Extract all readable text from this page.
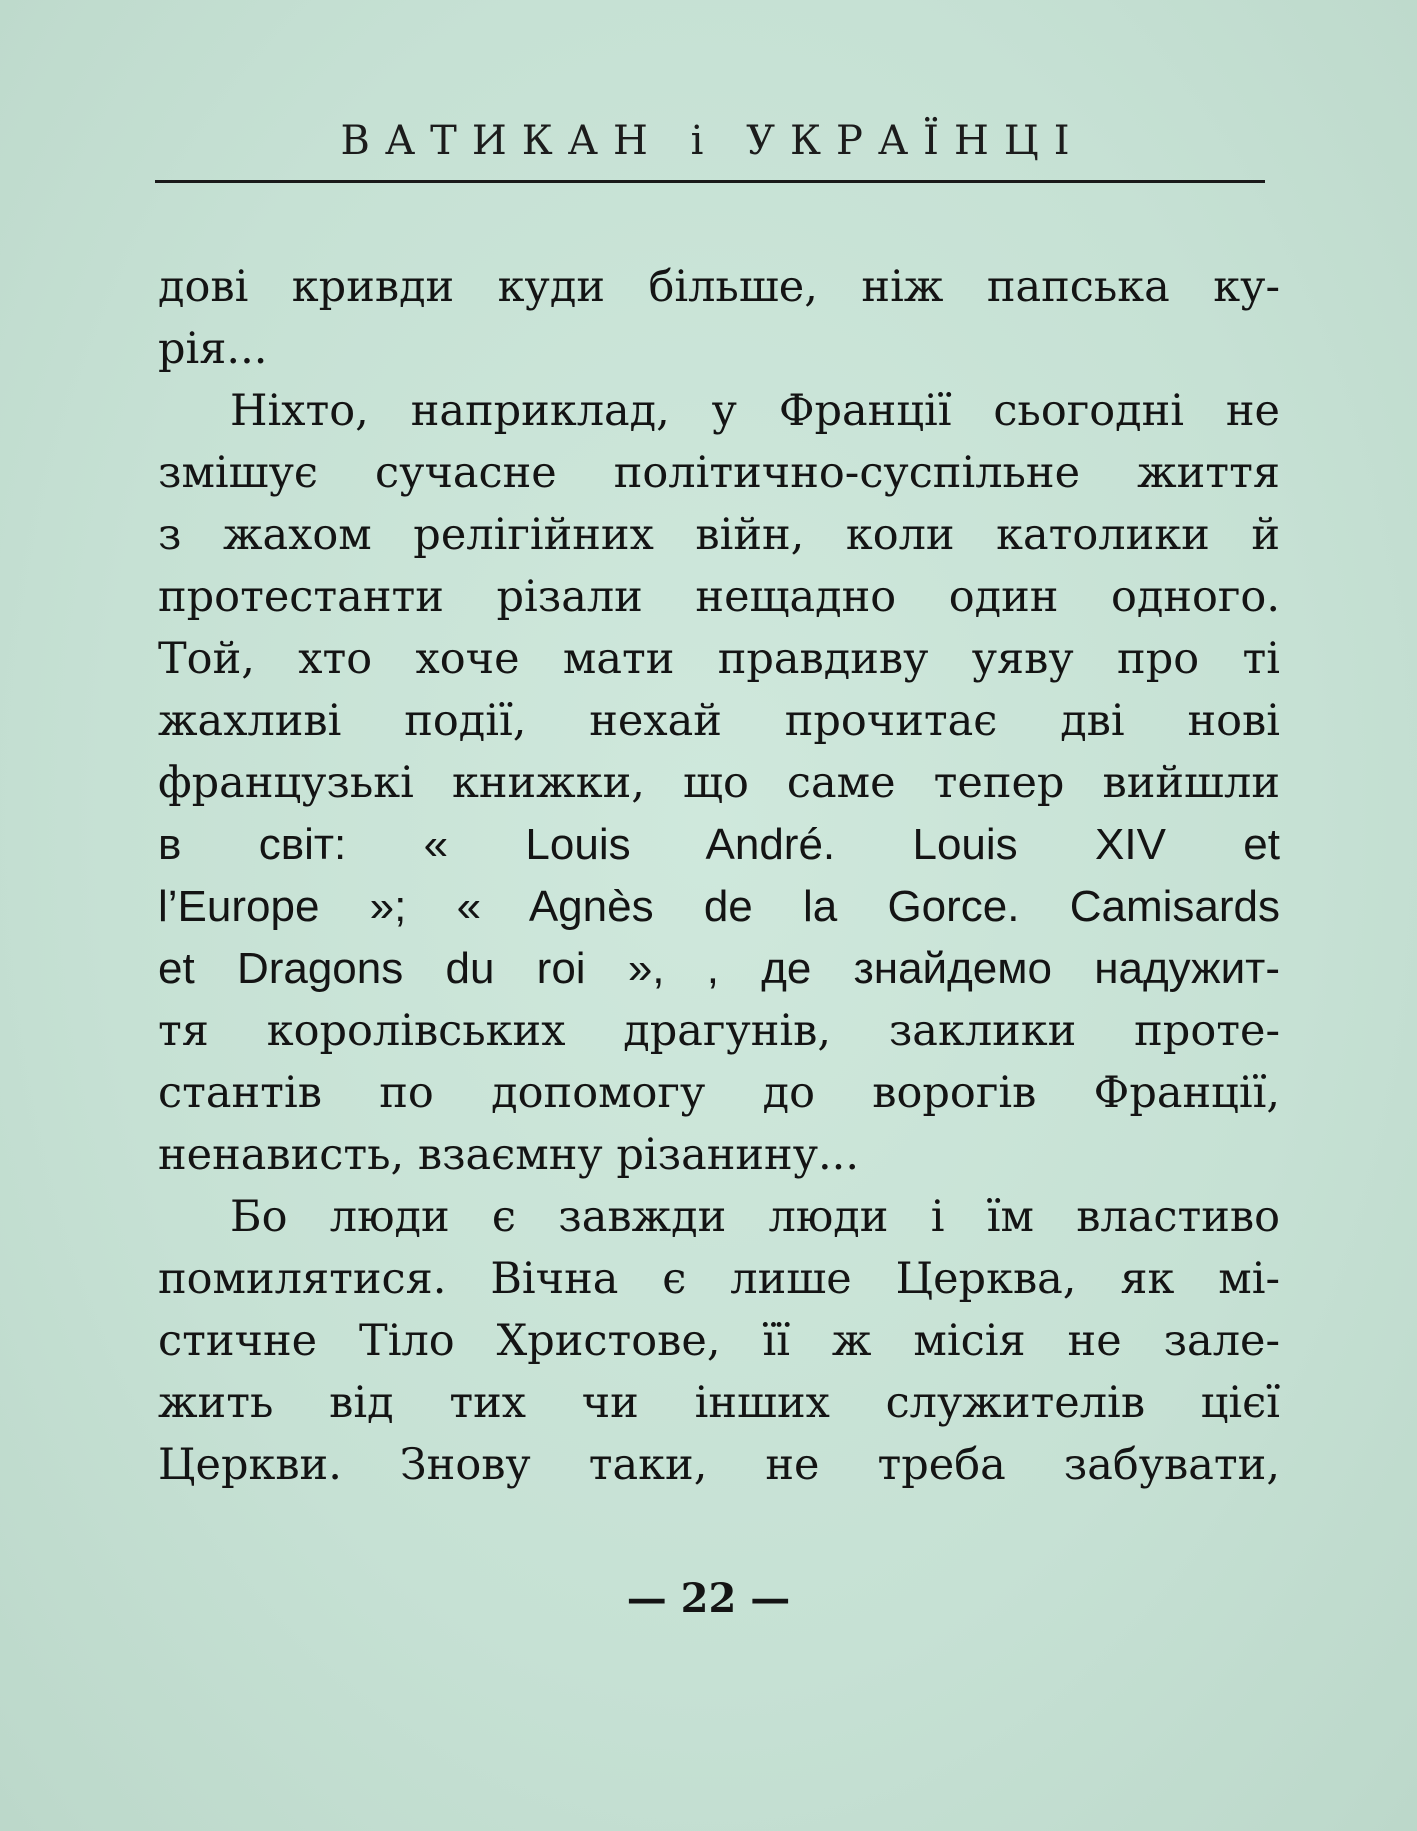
ВАТИКАН і УКРАЇНЦІ
дові кривди куди більше, ніж папська ку-
рія...
Ніхто, наприклад, у Франції сьогодні не
змішує сучасне політично-суспільне життя
з жахом релігійних війн, коли католики й
протестанти різали нещадно один одного.
Той, хто хоче мати правдиву уяву про ті
жахливі події, нехай прочитає дві нові
французькі книжки, що саме тепер вийшли
в світ: « Louis André. Louis XIV et
l’Europe »; « Agnès de la Gorce. Camisards
et Dragons du roi », , де знайдемо надужит-
тя королівських драгунів, заклики проте-
стантів по допомогу до ворогів Франції,
ненависть, взаємну різанину...
Бо люди є завжди люди і їм властиво
помилятися. Вічна є лише Церква, як мі-
стичне Тіло Христове, її ж місія не зале-
жить від тих чи інших служителів цієї
Церкви. Знову таки, не треба забувати,
— 22 —
